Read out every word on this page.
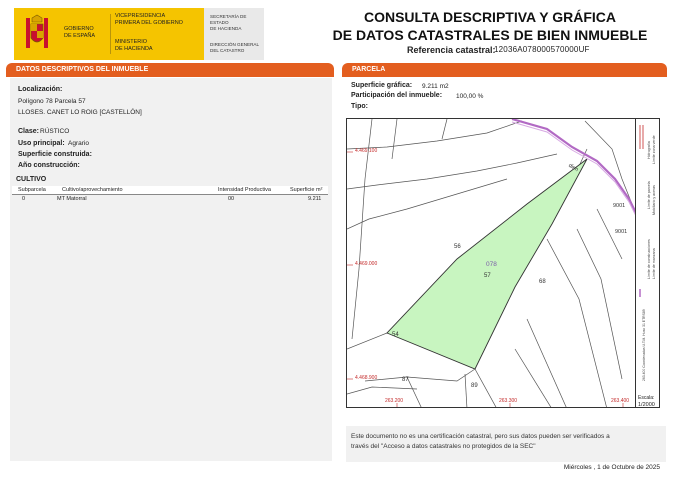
GOBIERNO
DE ESPAÑA
VICEPRESIDENCIA
PRIMERA DEL GOBIERNO
MINISTERIO
DE HACIENDA
SECRETARÍA DE ESTADO
DE HACIENDA
DIRECCIÓN GENERAL
DEL CATASTRO
CONSULTA DESCRIPTIVA Y GRÁFICA
DE DATOS CATASTRALES DE BIEN INMUEBLE
Referencia catastral:
12036A078000570000UF
DATOS DESCRIPTIVOS DEL INMUEBLE
Localización:
Polígono 78 Parcela 57
LLOSES. CANET LO ROIG [CASTELLÓN]
Clase: RÚSTICO
Uso principal: Agrario
Superficie construida:
Año construcción:
CULTIVO
Subparcela	Cultivo/aprovechamiento	Intensidad Productiva	Superficie m²
0	MT Matorral	00	9.211
PARCELA
Superficie gráfica: 9.211 m2
Participación del inmueble: 100,00 %
Tipo:
dien
078
57
56
68
54
87
89
9001
9001
4.469.100
4.469.000
4.468.900
263.200	263.300	263.400
Hidrografía Límite zona verde
Límite de parcela Mobiliario y aceras
Límite de construcciones Límite de manzana
263.400 Coordenadas U.T.M. Huso 31 ETRS89
Escala:
1/2000
Este documento no es una certificación catastral, pero sus datos pueden ser verificados a
través del "Acceso a datos catastrales no protegidos de la SEC"
Miércoles , 1 de Octubre de 2025
